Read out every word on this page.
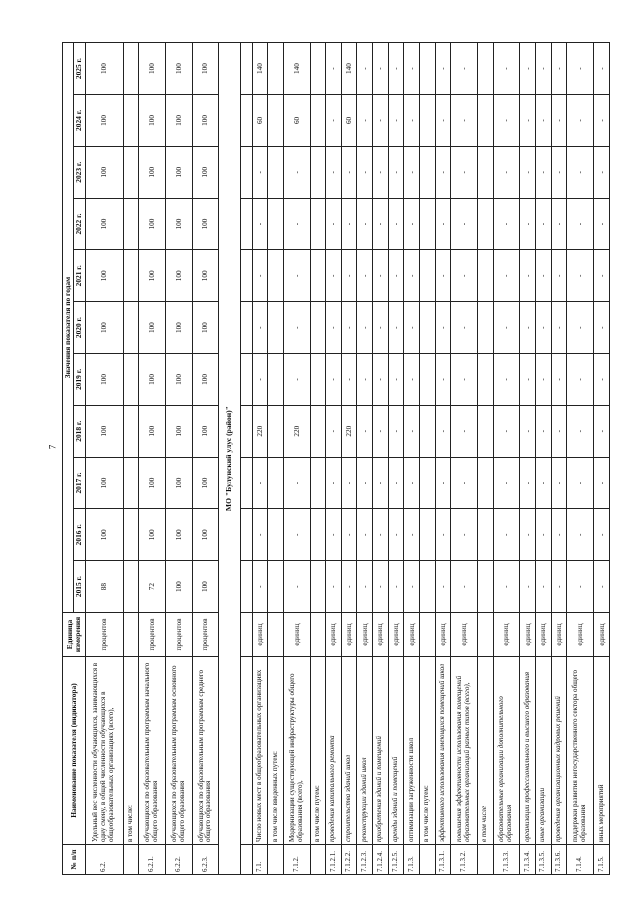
7
№ п/п	Наименование показателя (индикатора)	Единица измерения	Значения показателя по годам										
			2015 г.	2016 г.	2017 г.	2018 г.	2019 г.	2020 г.	2021 г.	2022 г.	2023 г.	2024 г.	2025 г.
6.2.	Удельный вес численности обучающихся, занимающихся в одну смену, в общей численности обучающихся в общеобразовательных организациях (всего),	процентов	88	100	100	100	100	100	100	100	100	100	100
	в том числе:												
6.2.1.	обучающихся по образовательным программам начального общего образования	процентов	72	100	100	100	100	100	100	100	100	100	100
6.2.2.	обучающихся по образовательным программам основного общего образования	процентов	100	100	100	100	100	100	100	100	100	100	100
6.2.3.	обучающихся по образовательным программам среднего общего образования	процентов	100	100	100	100	100	100	100	100	100	100	100
МО "Булунский улус (район)"													

7.1.	Число новых мест в общеобразовательных организациях	единиц	-	-	-	220	-	-	-	-	-	60	140
	в том числе введенных путем:												
7.1.2.	Модернизации существующей инфраструктуры общего образования (всего),	единиц	-	-	-	220	-	-	-	-	-	60	140
	в том числе путем:												
7.1.2.1.	проведения капитального ремонта	единиц	-	-	-	-	-	-	-	-	-	-	-
7.1.2.2.	строительства зданий школ	единиц	-	-	-	220	-	-	-	-	-	60	140
7.1.2.3.	реконструкции зданий школ	единиц	-	-	-	-	-	-	-	-	-	-	-
7.1.2.4.	приобретения зданий и помещений	единиц	-	-	-	-	-	-	-	-	-	-	-
7.1.2.5.	аренды зданий и помещений	единиц	-	-	-	-	-	-	-	-	-	-	-
7.1.3.	оптимизации загруженности школ	единиц	-	-	-	-	-	-	-	-	-	-	-
	в том числе путем:												
7.1.3.1.	эффективного использования имеющихся помещений школ	единиц	-	-	-	-	-	-	-	-	-	-	-
7.1.3.2.	повышения эффективности использования помещений образовательных организаций разных типов (всего),	единиц	-	-	-	-	-	-	-	-	-	-	-
	в том числе												
7.1.3.3.	образовательные организации дополнительного образования	единиц	-	-	-	-	-	-	-	-	-	-	-
7.1.3.4.	организации профессионального и высшего образования	единиц	-	-	-	-	-	-	-	-	-	-	-
7.1.3.5.	иные организации	единиц	-	-	-	-	-	-	-	-	-	-	-
7.1.3.6.	проведения организационных кадровых решений	единиц	-	-	-	-	-	-	-	-	-	-	-
7.1.4.	поддержки развития негосударственного сектора общего образования	единиц	-	-	-	-	-	-	-	-	-	-	-
7.1.5.	иных мероприятий	единиц	-	-	-	-	-	-	-	-	-	-	-
